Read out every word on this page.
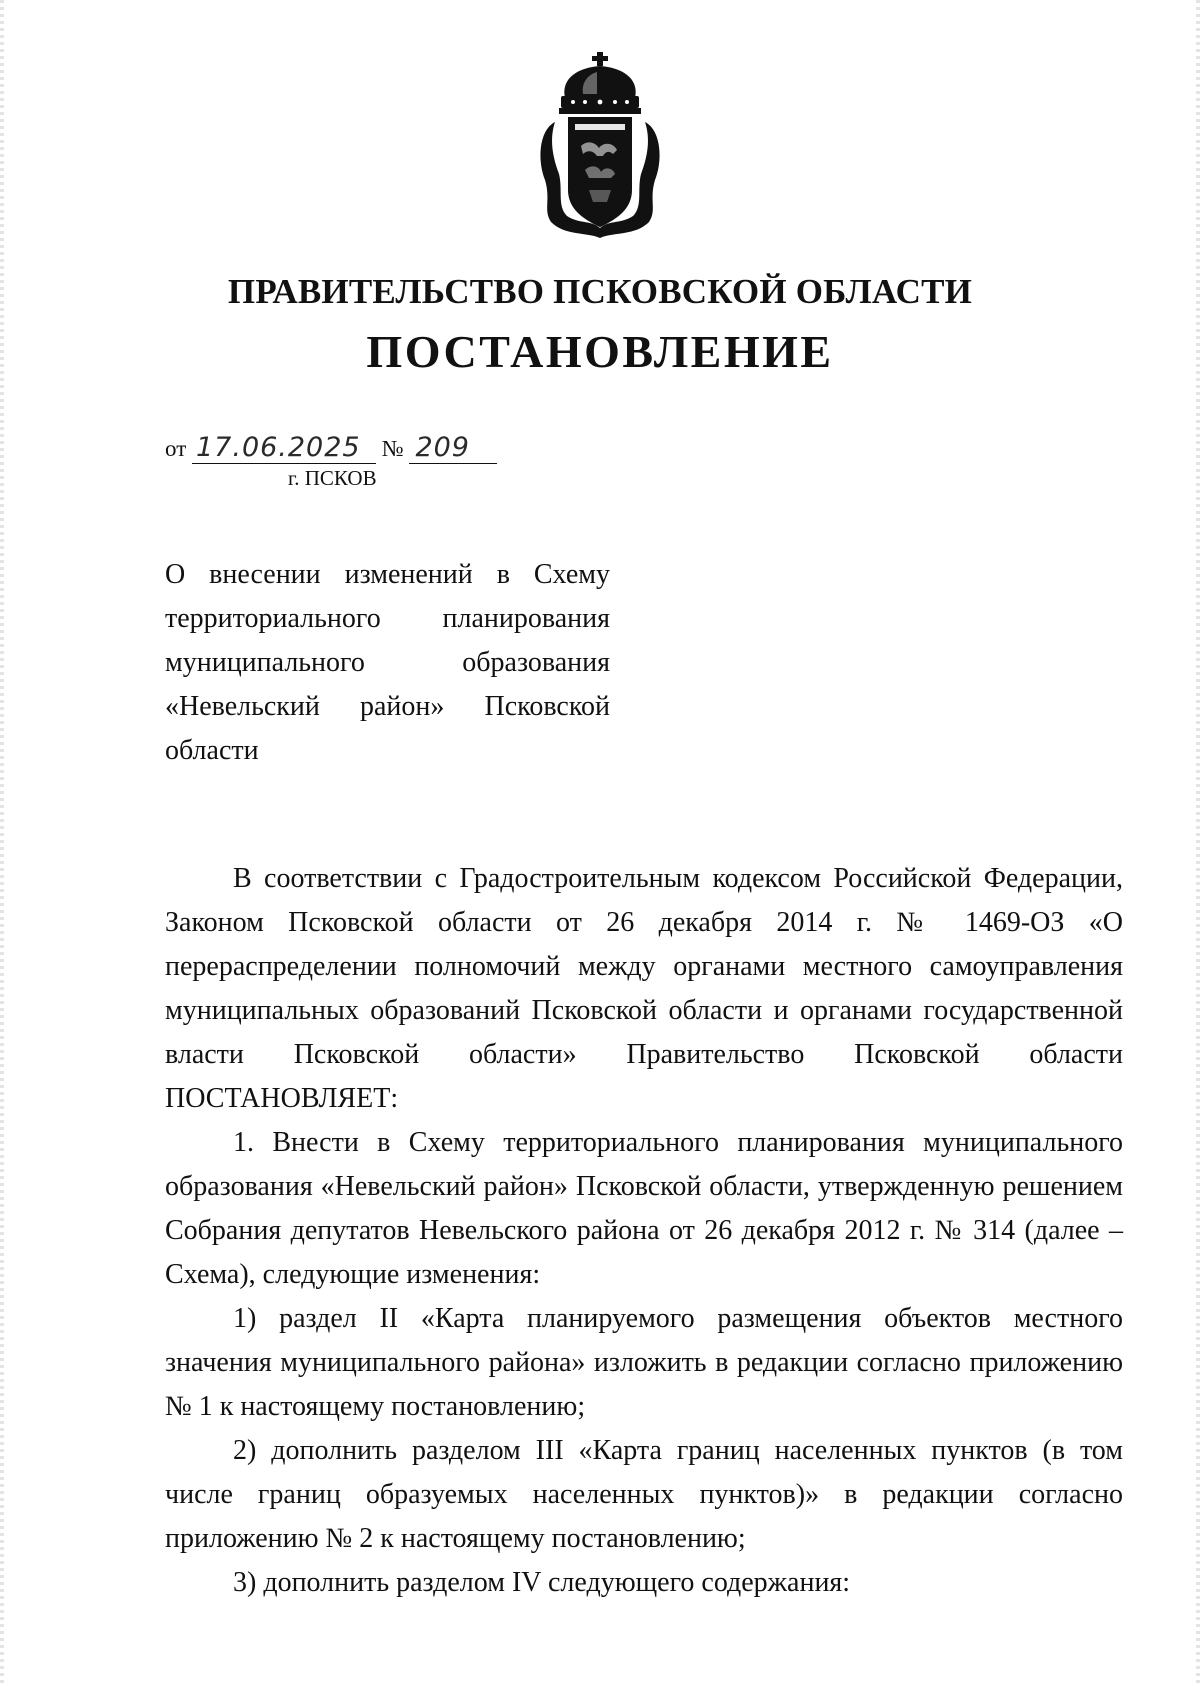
ПРАВИТЕЛЬСТВО ПСКОВСКОЙ ОБЛАСТИ
ПОСТАНОВЛЕНИЕ
от 17.06.2025 № 209
г. ПСКОВ

О внесении изменений в Схему

территориального планирования

муниципального образования

«Невельский район» Псковской

области

В соответствии с Градостроительным кодексом Российской Федерации, Законом Псковской области от 26 декабря 2014 г. № 1469-ОЗ «О перераспределении полномочий между органами местного самоуправления муниципальных образований Псковской области и органами государственной власти Псковской области» Правительство Псковской области ПОСТАНОВЛЯЕТ:

1. Внести в Схему территориального планирования муниципального образования «Невельский район» Псковской области, утвержденную решением Собрания депутатов Невельского района от 26 декабря 2012 г. № 314 (далее – Схема), следующие изменения:

1) раздел II «Карта планируемого размещения объектов местного значения муниципального района» изложить в редакции согласно приложению № 1 к настоящему постановлению;

2) дополнить разделом III «Карта границ населенных пунктов (в том числе границ образуемых населенных пунктов)» в редакции согласно приложению № 2 к настоящему постановлению;

3) дополнить разделом IV следующего содержания:
